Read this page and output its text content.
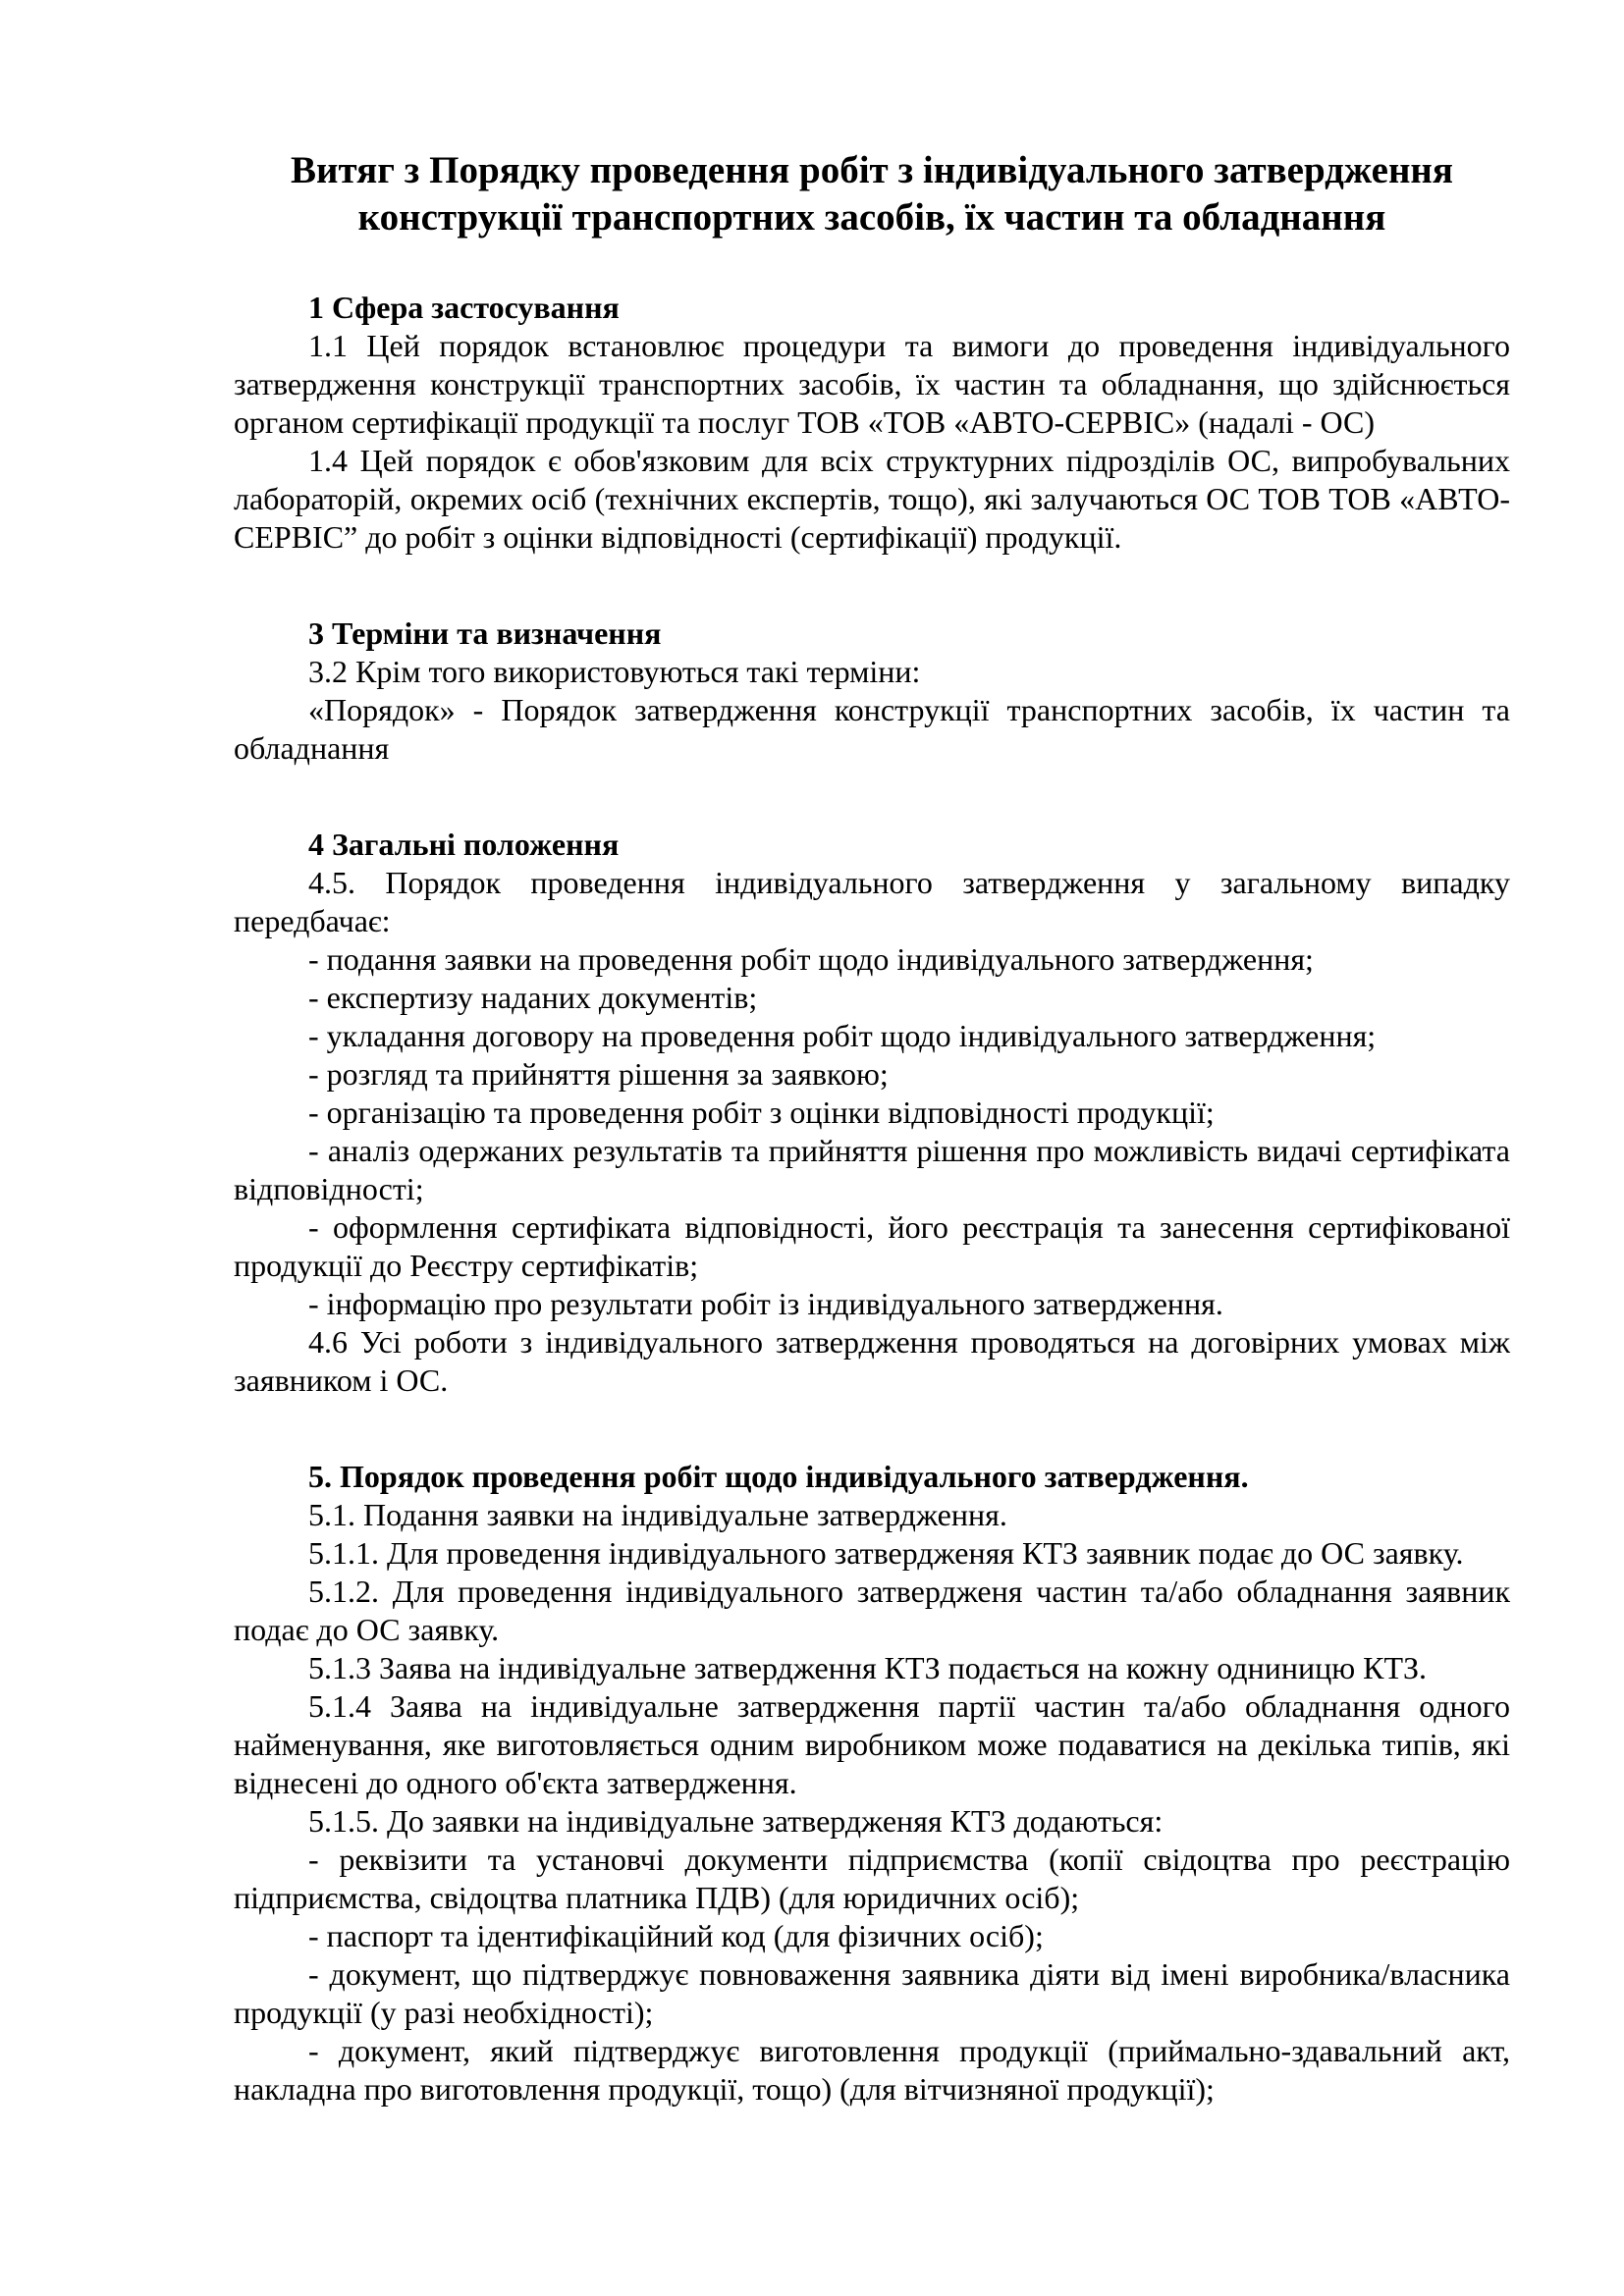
Витяг з Порядку проведення робіт з індивідуального затвердження конструкції транспортних засобів, їх частин та обладнання
1 Сфера застосування
1.1 Цей порядок встановлює процедури та вимоги до проведення індивідуального затвердження конструкції транспортних засобів, їх частин та обладнання, що здійснюється органом сертифікації продукції та послуг ТОВ «ТОВ «АВТО-СЕРВІС» (надалі - ОС)
1.4 Цей порядок є обов'язковим для всіх структурних підрозділів ОС, випробувальних лабораторій, окремих осіб (технічних експертів, тощо), які залучаються ОС ТОВ ТОВ «АВТО-СЕРВІС” до робіт з оцінки відповідності (сертифікації) продукції.
3 Терміни та визначення
3.2 Крім того використовуються такі терміни:
«Порядок» - Порядок затвердження конструкції транспортних засобів, їх частин та обладнання
4 Загальні положення
4.5. Порядок проведення індивідуального затвердження у загальному випадку передбачає:
- подання заявки на проведення робіт щодо індивідуального затвердження;
- експертизу наданих документів;
- укладання договору на проведення робіт щодо індивідуального затвердження;
- розгляд та прийняття рішення за заявкою;
- організацію та проведення робіт з оцінки відповідності продукції;
- аналіз одержаних результатів та прийняття рішення про можливість видачі сертифіката відповідності;
- оформлення сертифіката відповідності, його реєстрація та занесення сертифікованої продукції до Реєстру сертифікатів;
- інформацію про результати робіт із індивідуального затвердження.
4.6 Усі роботи з індивідуального затвердження проводяться на договірних умовах між заявником і ОС.
5. Порядок проведення робіт щодо індивідуального затвердження.
5.1. Подання заявки на індивідуальне затвердження.
5.1.1. Для проведення індивідуального затвердженяя КТЗ заявник подає до ОС заявку.
5.1.2. Для проведення індивідуального затвердженя частин та/або обладнання заявник подає до ОС заявку.
5.1.3 Заява на індивідуальне затвердження КТЗ подається на кожну одниницю КТЗ.
5.1.4 Заява на індивідуальне затвердження партії частин та/або обладнання одного найменування, яке виготовляється одним виробником може подаватися на декілька типів, які віднесені до одного об'єкта затвердження.
5.1.5. До заявки на індивідуальне затвердженяя КТЗ додаються:
- реквізити та установчі документи підприємства (копії свідоцтва про реєстрацію підприємства, свідоцтва платника ПДВ) (для юридичних осіб);
- паспорт та ідентифікаційний код (для фізичних осіб);
- документ, що підтверджує повноваження заявника діяти від імені виробника/власника продукції (у разі необхідності);
- документ, який підтверджує виготовлення продукції (приймально-здавальний акт, накладна про виготовлення продукції, тощо) (для вітчизняної продукції);
